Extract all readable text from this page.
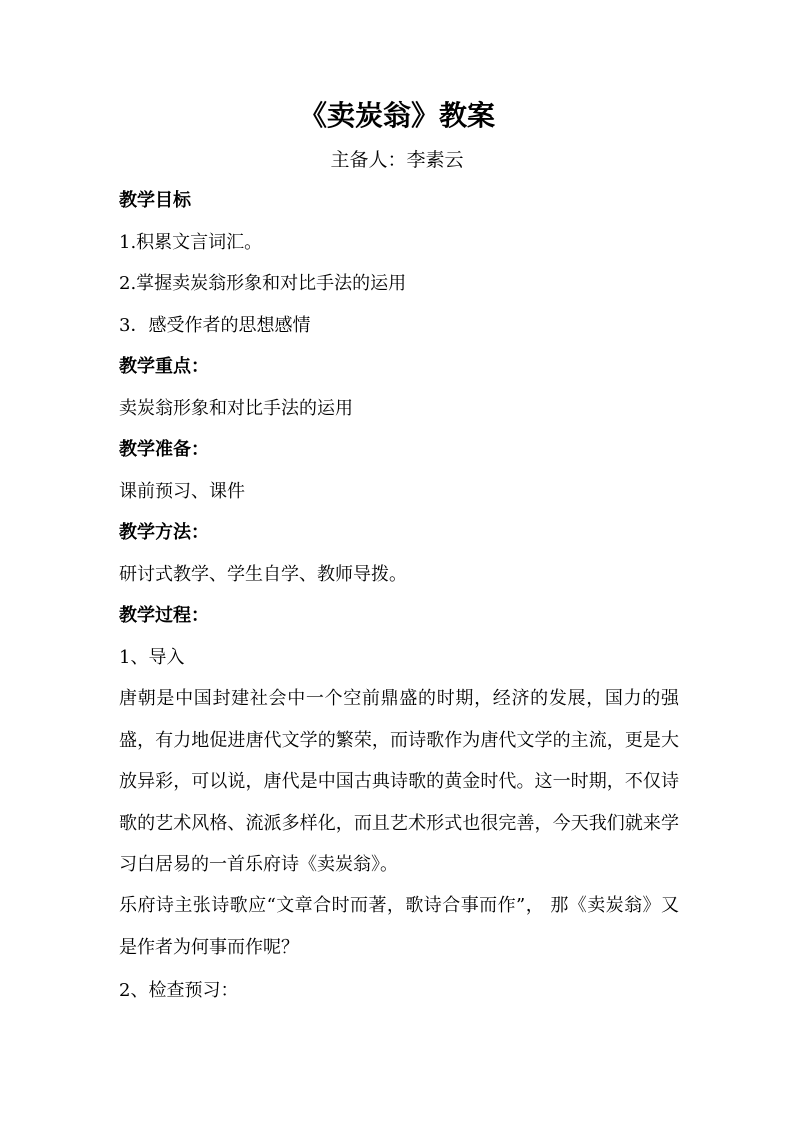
《卖炭翁》教案

主备人：李素云

教学目标

1.积累文言词汇。

2.掌握卖炭翁形象和对比手法的运用

3．感受作者的思想感情

教学重点：

卖炭翁形象和对比手法的运用

教学准备：

课前预习、课件

教学方法：

研讨式教学、学生自学、教师导拨。

教学过程：

1、导入

唐朝是中国封建社会中一个空前鼎盛的时期，经济的发展，国力的强盛，有力地促进唐代文学的繁荣，而诗歌作为唐代文学的主流，更是大放异彩，可以说，唐代是中国古典诗歌的黄金时代。这一时期，不仅诗歌的艺术风格、流派多样化，而且艺术形式也很完善，今天我们就来学习白居易的一首乐府诗《卖炭翁》。

乐府诗主张诗歌应“文章合时而著，歌诗合事而作”， 那《卖炭翁》又是作者为何事而作呢？

2、检查预习：
